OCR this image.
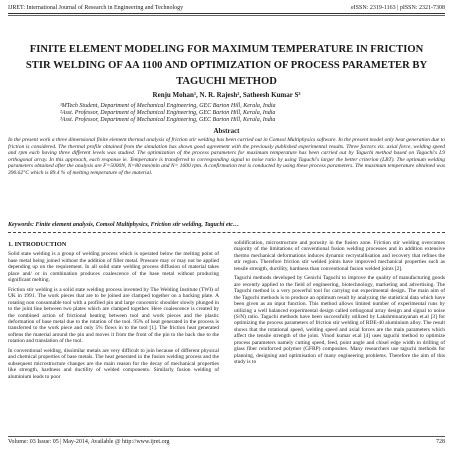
IJRET: International Journal of Research in Engineering and Technology	eISSN: 2319-1163 | pISSN: 2321-7308
FINITE ELEMENT MODELING FOR MAXIMUM TEMPERATURE IN FRICTION STIR WELDING OF AA 1100 AND OPTIMIZATION OF PROCESS PARAMETER BY TAGUCHI METHOD
Renju Mohan¹, N. R. Rajesh², Satheesh Kumar S³
¹MTech Student, Department of Mechanical Engineering, GEC Barton Hill, Kerala, India
²Asst. Professor, Department of Mechanical Engineering, GEC Barton Hill, Kerala, India
³Asst. Professor, Department of Mechanical Engineering, GEC Barton Hill, Kerala, India
Abstract
In the present work a three dimensional finite element thermal analysis of friction stir welding has been carried out in Comsol Multiphysics software. In the present model only heat generation due to friction is considered. The thermal profile obtained from the simulation has shown good agreement with the previously published experimental results. Three factors viz. axial force, welding speed and rpm each having three different levels was studied. The optimization of the process parameters for maximum temperature has been carried out by Taguchi method based on Taguchi's L9 orthogonal array. In this approach, each response ie. Temperature is transferred to corresponding signal to noise ratio by using Taguchi's larger the better criterion (LBT). The optimum welding parameters obtained after the analysis are F=5000N, N=80 mm/min and N= 1600 rpm. A confirmation test is conducted by using these process parameters. The maximum temperature obtained was 390.62°C which is 89.4 % of melting temperature of the material.
Keywords: Finite element analysis, Comsol Multiphysics, Friction stir welding, Taguchi etc…
1. INTRODUCTION

Solid state welding is a group of welding process which is operated below the melting point of base metal being joined without the addition of filler metal. Pressure may or may not be applied depending up on the requirement. In all solid state welding process diffusion of material takes place and/ or in combination produces coalescence of the base metal without producing significant melting.

Friction stir welding is a solid state welding process invented by The Welding Institute (TWI) of UK in 1991. The work pieces that are to be joined are clamped together on a backing plate. A rotating non consumable tool with a profiled pin and large concentric shoulder slowly plunged in to the joint line between two plates which are clamped together. Here coalescence is created by the combined action of frictional heating between tool and work pieces and the plastic deformation of base metal due to the rotation of the tool. 95% of heat generated in the process is transferred to the work piece and only 5% flows in to the tool [1]. The friction heat generated softens the material around the pin and moves it from the front of the pin to the back due to the rotation and translation of the tool.

In conventional welding, dissimilar metals are very difficult to join because of different physical and chemical properties of base metals. The heat generated in the fusion welding process and the subsequent microstructure changes are the main reason for the decay of mechanical properties like strength, hardness and ductility of welded components. Similarly fusion welding of aluminium leads to poor

solidification, microstructure and porosity in the fusion zone. Friction stir welding overcomes majority of the limitations of conventional fusion welding processes and in addition extensive thermo mechanical deformations induces dynamic recrystallisation and recovery that refines the stir region. Therefore friction stir welded joints have improved mechanical properties such as tensile strength, ductility, hardness than conventional fusion welded joints [2].

Taguchi methods developed by Genichi Taguchi to improve the quality of manufacturing goods are recently applied to the field of engineering, biotechnology, marketing and advertising. The Taguchi method is a very powerful tool for carrying out experimental design. The main aim of the Taguchi methods is to produce an optimum result by analyzing the statistical data which have been given as an input function. This method allows limited number of experimental runs by utilizing a well balanced experimental design called orthogonal array design and signal to noise (S/N) ratio. Taguchi methods have been successfully utilized by Lakshminarayanan et.al [3] for optimizing the process parameters of friction stir welding of RDE-40 aluminium alloy. The result shows that the rotational speed, welding speed and axial forces are the main parameters which affect the tensile strength of the joint. Vinod kumar et.al [4] uses taguchi method to optimize process parameters namely cutting speed, feed, point angle and chisel edge width in drilling of glass fiber reinforced polymer (GFRP) composites. Many researchers use taguchi methods for planning, designing and optimisation of many engineering problems. Therefore the aim of this study is to

Volume: 03 Issue: 05 | May-2014, Available @ http://www.ijret.org	728
